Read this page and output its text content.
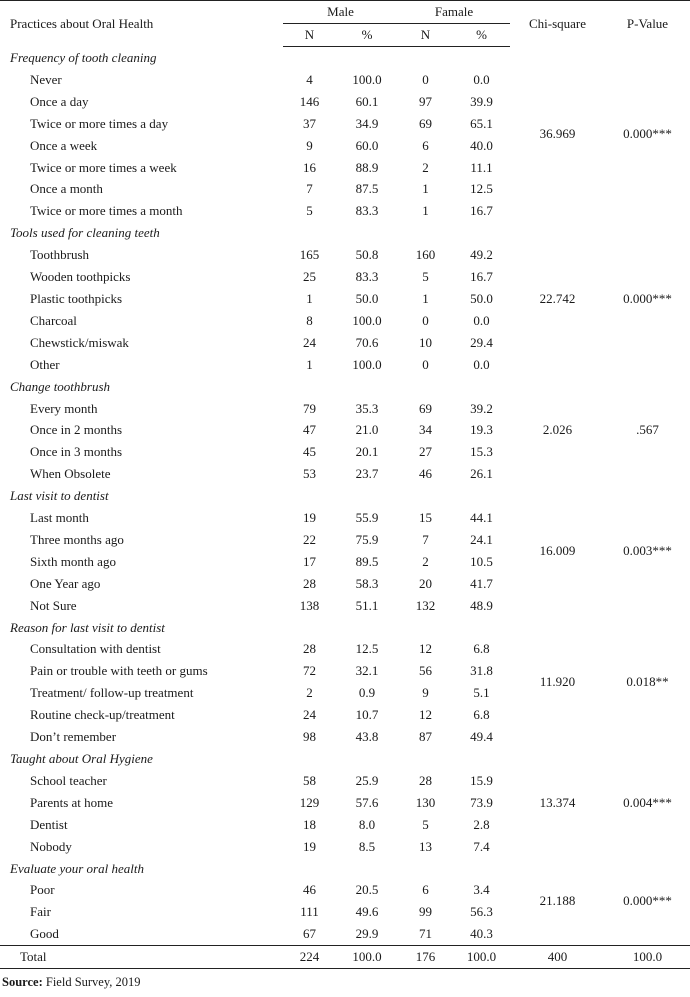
Practices about Oral Health	Male		Famale		Chi-square	P-Value
	N	%	N	%		
Frequency of tooth cleaning					36.969	0.000***
Never	4	100.0	0	0.0		
Once a day	146	60.1	97	39.9		
Twice or more times a day	37	34.9	69	65.1		
Once a week	9	60.0	6	40.0		
Twice or more times a week	16	88.9	2	11.1		
Once a month	7	87.5	1	12.5		
Twice or more times a month	5	83.3	1	16.7		
Tools used for cleaning teeth					22.742	0.000***
Toothbrush	165	50.8	160	49.2		
Wooden toothpicks	25	83.3	5	16.7		
Plastic toothpicks	1	50.0	1	50.0		
Charcoal	8	100.0	0	0.0		
Chewstick/miswak	24	70.6	10	29.4		
Other	1	100.0	0	0.0		
Change toothbrush					2.026	.567
Every month	79	35.3	69	39.2		
Once in 2 months	47	21.0	34	19.3		
Once in 3 months	45	20.1	27	15.3		
When Obsolete	53	23.7	46	26.1		
Last visit to dentist					16.009	0.003***
Last month	19	55.9	15	44.1		
Three months ago	22	75.9	7	24.1		
Sixth month ago	17	89.5	2	10.5		
One Year ago	28	58.3	20	41.7		
Not Sure	138	51.1	132	48.9		
Reason for last visit to dentist					11.920	0.018**
Consultation with dentist	28	12.5	12	6.8		
Pain or trouble with teeth or gums	72	32.1	56	31.8		
Treatment/ follow-up treatment	2	0.9	9	5.1		
Routine check-up/treatment	24	10.7	12	6.8		
Don’t remember	98	43.8	87	49.4		
Taught about Oral Hygiene					13.374	0.004***
School teacher	58	25.9	28	15.9		
Parents at home	129	57.6	130	73.9		
Dentist	18	8.0	5	2.8		
Nobody	19	8.5	13	7.4		
Evaluate your oral health					21.188	0.000***
Poor	46	20.5	6	3.4		
Fair	111	49.6	99	56.3		
Good	67	29.9	71	40.3		
Total	224	100.0	176	100.0	400	100.0
Source: Field Survey, 2019
